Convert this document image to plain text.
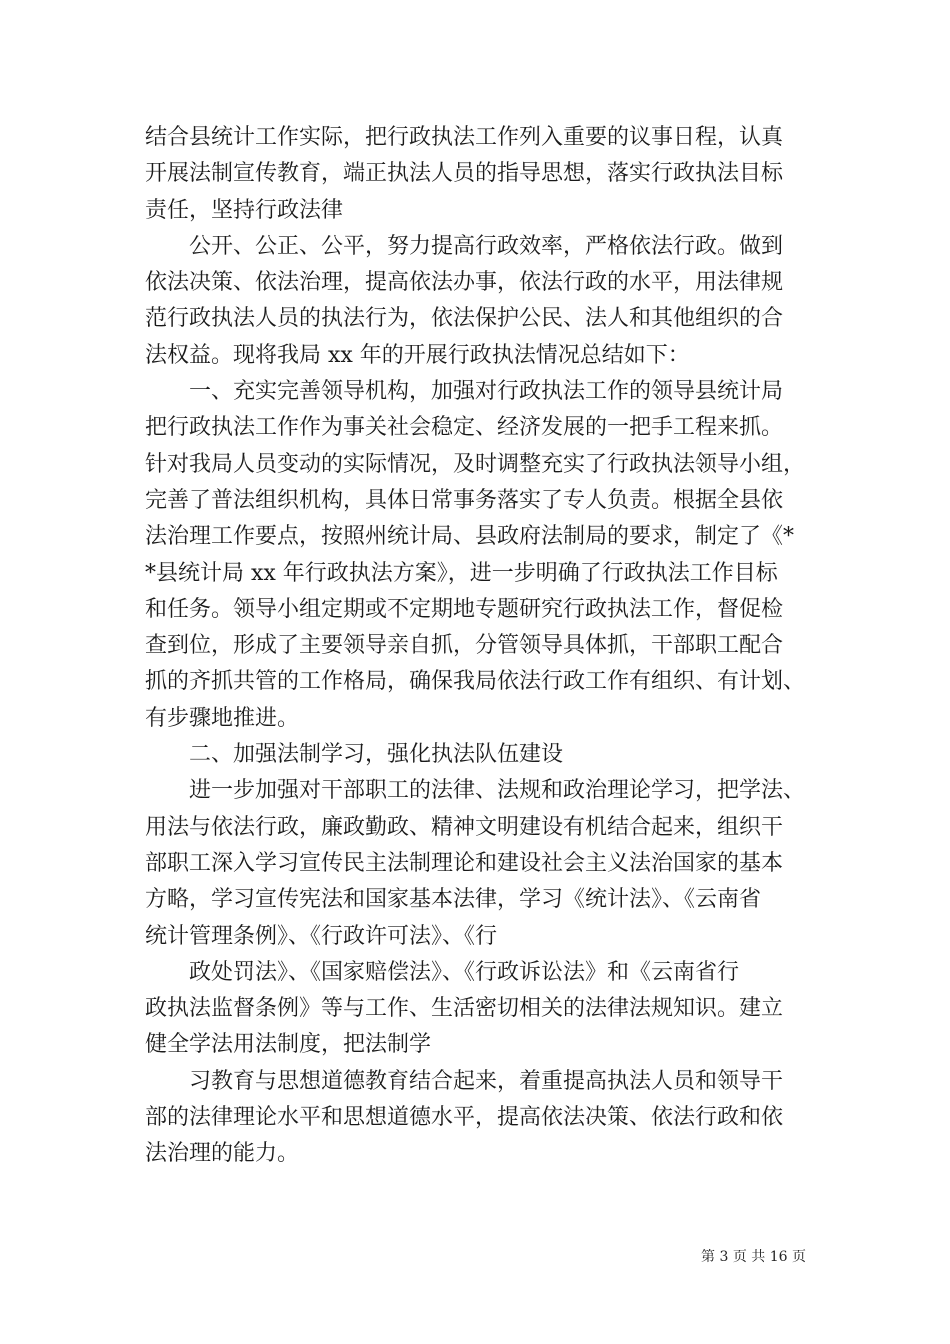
结合县统计工作实际，把行政执法工作列入重要的议事日程，认真
开展法制宣传教育，端正执法人员的指导思想，落实行政执法目标
责任，坚持行政法律
公开、公正、公平，努力提高行政效率，严格依法行政。做到
依法决策、依法治理，提高依法办事，依法行政的水平，用法律规
范行政执法人员的执法行为，依法保护公民、法人和其他组织的合
法权益。现将我局 xx 年的开展行政执法情况总结如下：
一、充实完善领导机构，加强对行政执法工作的领导县统计局
把行政执法工作作为事关社会稳定、经济发展的一把手工程来抓。
针对我局人员变动的实际情况，及时调整充实了行政执法领导小组，
完善了普法组织机构，具体日常事务落实了专人负责。根据全县依
法治理工作要点，按照州统计局、县政府法制局的要求，制定了《*
*县统计局 xx 年行政执法方案》，进一步明确了行政执法工作目标
和任务。领导小组定期或不定期地专题研究行政执法工作，督促检
查到位，形成了主要领导亲自抓，分管领导具体抓，干部职工配合
抓的齐抓共管的工作格局，确保我局依法行政工作有组织、有计划、
有步骤地推进。
二、加强法制学习，强化执法队伍建设
进一步加强对干部职工的法律、法规和政治理论学习，把学法、
用法与依法行政，廉政勤政、精神文明建设有机结合起来，组织干
部职工深入学习宣传民主法制理论和建设社会主义法治国家的基本
方略，学习宣传宪法和国家基本法律，学习《统计法》、《云南省
统计管理条例》、《行政许可法》、《行
政处罚法》、《国家赔偿法》、《行政诉讼法》和《云南省行
政执法监督条例》等与工作、生活密切相关的法律法规知识。建立
健全学法用法制度，把法制学
习教育与思想道德教育结合起来，着重提高执法人员和领导干
部的法律理论水平和思想道德水平，提高依法决策、依法行政和依
法治理的能力。
第 3 页 共 16 页
